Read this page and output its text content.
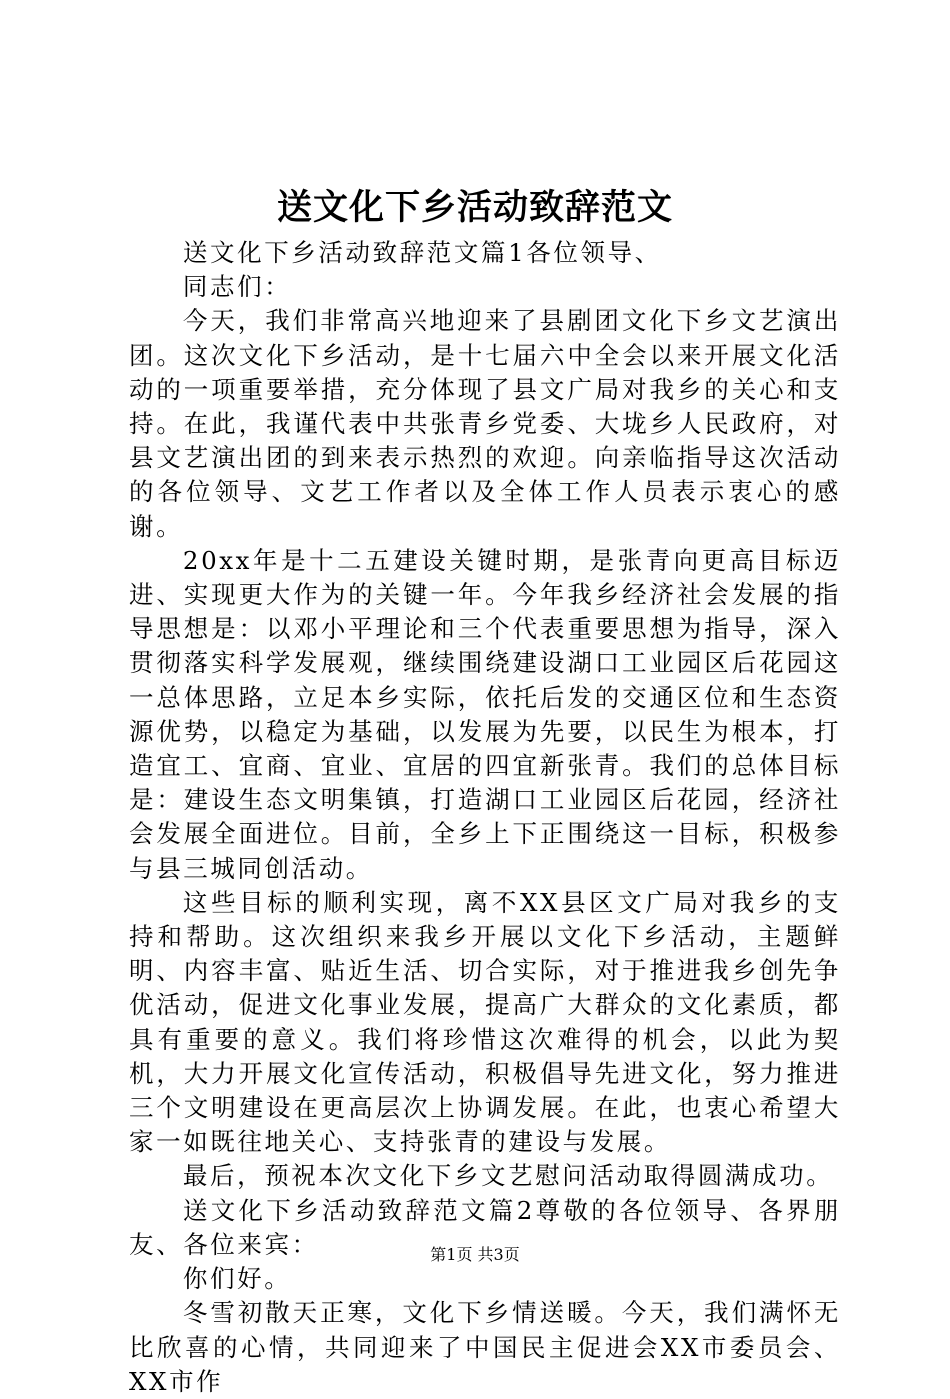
送文化下乡活动致辞范文

送文化下乡活动致辞范文篇1各位领导、

同志们：

今天，我们非常高兴地迎来了县剧团文化下乡文艺演出团。这次文化下乡活动，是十七届六中全会以来开展文化活动的一项重要举措，充分体现了县文广局对我乡的关心和支持。在此，我谨代表中共张青乡党委、大垅乡人民政府，对县文艺演出团的到来表示热烈的欢迎。向亲临指导这次活动的各位领导、文艺工作者以及全体工作人员表示衷心的感谢。

20xx年是十二五建设关键时期，是张青向更高目标迈进、实现更大作为的关键一年。今年我乡经济社会发展的指导思想是：以邓小平理论和三个代表重要思想为指导，深入贯彻落实科学发展观，继续围绕建设湖口工业园区后花园这一总体思路，立足本乡实际，依托后发的交通区位和生态资源优势，以稳定为基础，以发展为先要，以民生为根本，打造宜工、宜商、宜业、宜居的四宜新张青。我们的总体目标是：建设生态文明集镇，打造湖口工业园区后花园，经济社会发展全面进位。目前，全乡上下正围绕这一目标，积极参与县三城同创活动。

这些目标的顺利实现，离不XX县区文广局对我乡的支持和帮助。这次组织来我乡开展以文化下乡活动，主题鲜明、内容丰富、贴近生活、切合实际，对于推进我乡创先争优活动，促进文化事业发展，提高广大群众的文化素质，都具有重要的意义。我们将珍惜这次难得的机会，以此为契机，大力开展文化宣传活动，积极倡导先进文化，努力推进三个文明建设在更高层次上协调发展。在此，也衷心希望大家一如既往地关心、支持张青的建设与发展。

最后，预祝本次文化下乡文艺慰问活动取得圆满成功。

送文化下乡活动致辞范文篇2尊敬的各位领导、各界朋友、各位来宾：

你们好。

冬雪初散天正寒，文化下乡情送暖。今天，我们满怀无比欣喜的心情，共同迎来了中国民主促进会XX市委员会、XX市作

第1页 共3页
